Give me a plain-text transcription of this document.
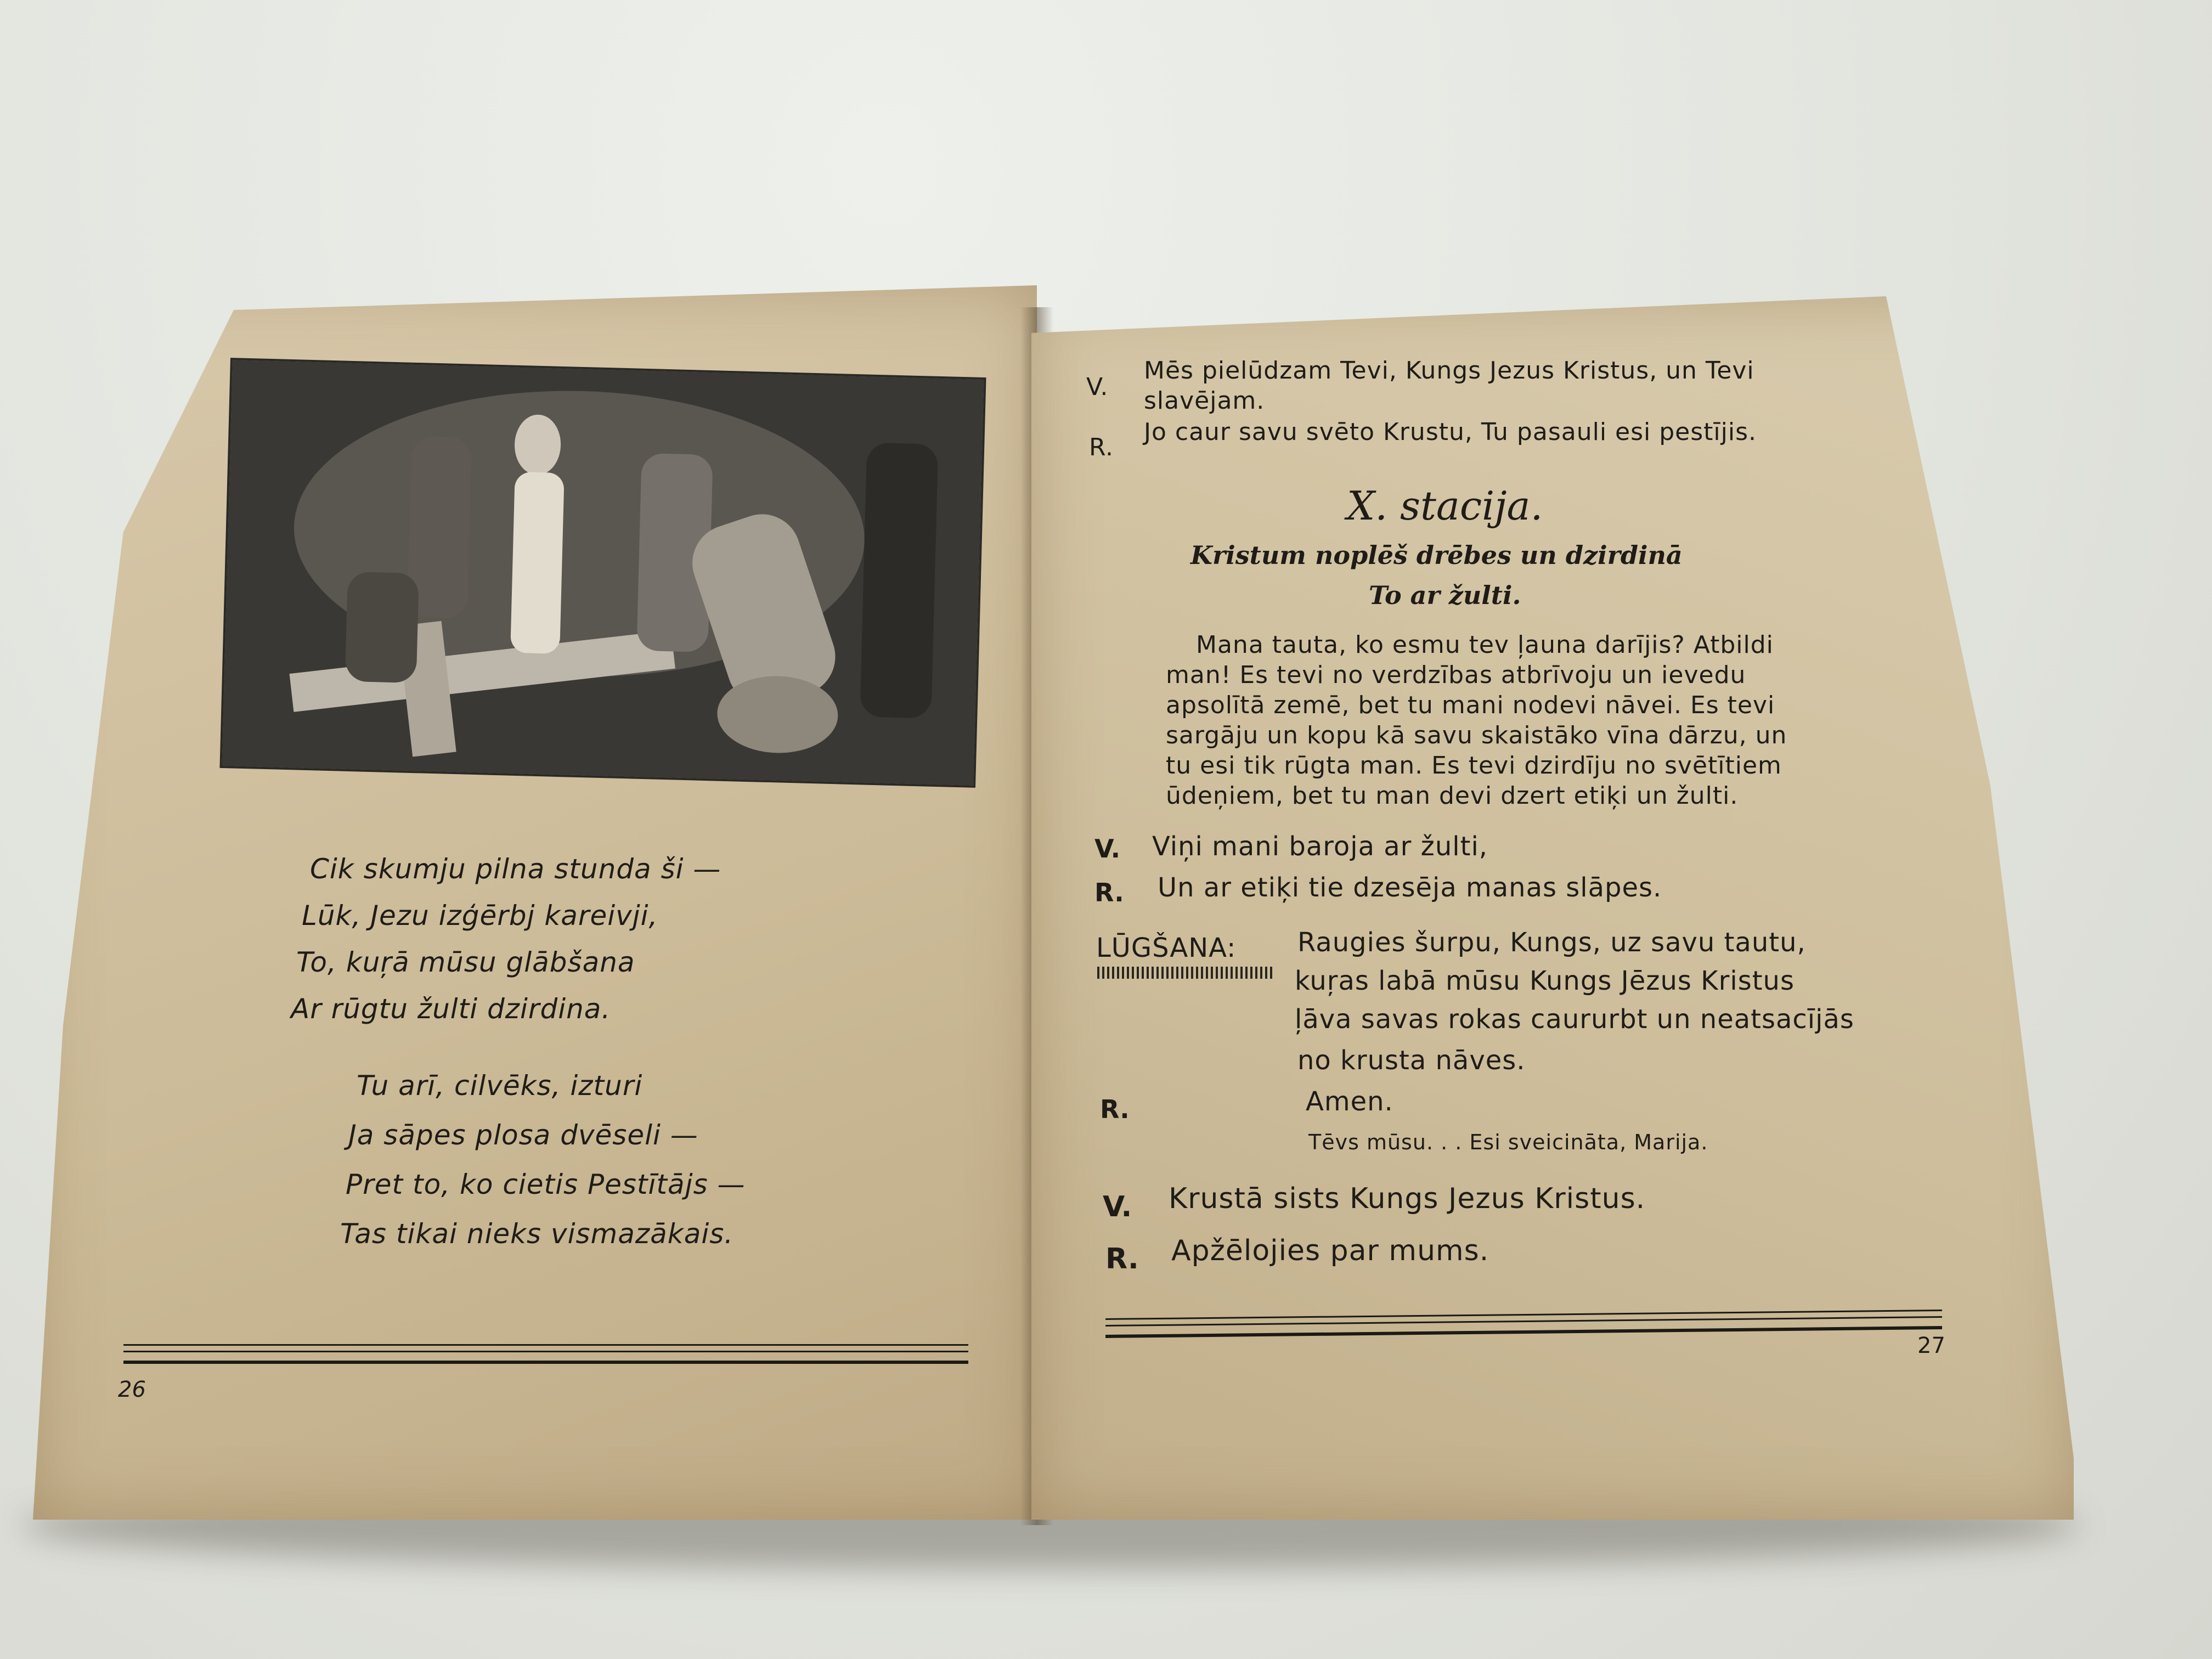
Cik skumju pilna stunda ši —
Lūk, Jezu izģērbj kareivji,
To, kuŗā mūsu glābšana
Ar rūgtu žulti dzirdina.
Tu arī, cilvēks, izturi
Ja sāpes plosa dvēseli —
Pret to, ko cietis Pestītājs —
Tas tikai nieks vismazākais.
26
V.
Mēs pielūdzam Tevi, Kungs Jezus Kristus, un Tevi
slavējam.
R.
Jo caur savu svēto Krustu, Tu pasauli esi pestījis.
X. stacija.
Kristum noplēš drēbes un dzirdinā
To ar žulti.
Mana tauta, ko esmu tev ļauna darījis? Atbildi
man! Es tevi no verdzības atbrīvoju un ievedu
apsolītā zemē, bet tu mani nodevi nāvei. Es tevi
sargāju un kopu kā savu skaistāko vīna dārzu, un
tu esi tik rūgta man. Es tevi dzirdīju no svētītiem
ūdeņiem, bet tu man devi dzert etiķi un žulti.
V. Viņi mani baroja ar žulti,
R. Un ar etiķi tie dzesēja manas slāpes.
LŪGŠANA: Raugies šurpu, Kungs, uz savu tautu,
kuŗas labā mūsu Kungs Jēzus Kristus
ļāva savas rokas caururbt un neatsacījās
no krusta nāves.
R.	Amen.
Tēvs mūsu. . . Esi sveicināta, Marija.
V. Krustā sists Kungs Jezus Kristus.
R. Apžēlojies par mums.
27
